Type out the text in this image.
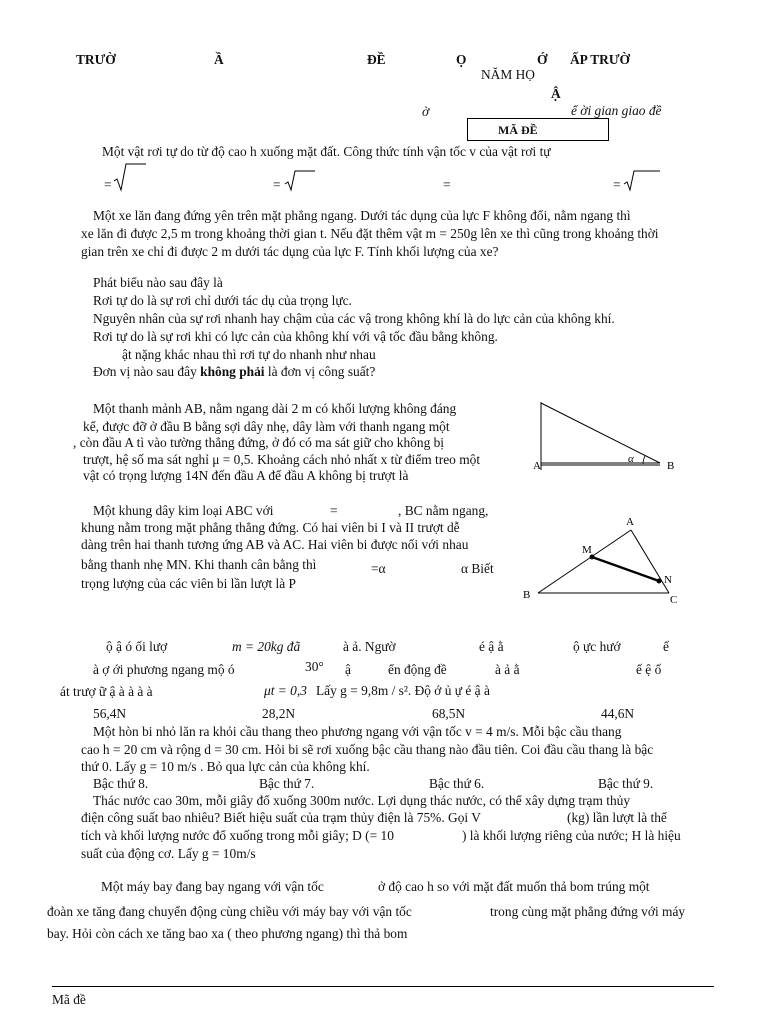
TRƯỜ	Ầ	ĐỀ	Ọ	Ớ ẤP TRƯỜ
NĂM HỌ
Ậ
ờ	ể ời gian giao đề
MÃ ĐỀ
Một vật rơi tự do từ độ cao h xuống mặt đất. Công thức tính vận tốc v của vật rơi tự
=	=	=	=
Một xe lăn đang đứng yên trên mặt phẳng ngang. Dưới tác dụng của lực F không đổi, nằm ngang thì
xe lăn đi được 2,5 m trong khoảng thời gian t. Nếu đặt thêm vật m = 250g lên xe thì cũng trong khoảng thời
gian trên xe chỉ đi được 2 m dưới tác dụng của lực F. Tính khối lượng của xe?
Phát biểu nào sau đây là
Rơi tự do là sự rơi chỉ dưới tác dụ của trọng lực.
Nguyên nhân của sự rơi nhanh hay chậm của các vậ trong không khí là do lực cản của không khí.
Rơi tự do là sự rơi khi có lực cản của không khí với vậ tốc đầu bằng không.
ật nặng khác nhau thì rơi tự do nhanh như nhau
Đơn vị nào sau đây không phải là đơn vị công suất?
Một thanh mảnh AB, nằm ngang dài 2 m có khối lượng không đáng
kể, được đỡ ở đầu B bằng sợi dây nhẹ, dây làm với thanh ngang một
, còn đầu A tì vào tường thẳng đứng, ở đó có ma sát giữ cho không bị
trượt, hệ số ma sát nghỉ μ = 0,5. Khoảng cách nhỏ nhất x từ điểm treo một
vật có trọng lượng 14N đến đầu A để đầu A không bị trượt là
A	B
α
Một khung dây kim loại ABC với	=	, BC nằm ngang,
khung nằm trong mặt phẳng thẳng đứng. Có hai viên bi I và II trượt dễ
dàng trên hai thanh tương ứng AB và AC. Hai viên bi được nối với nhau
bằng thanh nhẹ MN. Khi thanh cân bằng thì	=α	α Biết
trọng lượng của các viên bi lần lượt là P
A
B	C
M
N
ộ ậ ó ối lượ	m = 20kg đã	à ả. Ngườ	é ậ ằ	ộ ực hướ	ế
à ợ ới phương ngang mộ ó	30° ậ	ển động đề	à ả ằ	ế ệ ố
át trượ ữ ậ à à à à	μt = 0,3 Lấy g = 9,8m / s². Độ ớ ủ ự é ậ à
56,4N	28,2N	68,5N	44,6N
Một hòn bi nhỏ lăn ra khỏi cầu thang theo phương ngang với vận tốc v = 4 m/s. Mỗi bậc cầu thang
cao h = 20 cm và rộng d = 30 cm. Hỏi bi sẽ rơi xuống bậc cầu thang nào đầu tiên. Coi đầu cầu thang là bậc
thứ 0. Lấy g = 10 m/s . Bỏ qua lực cản của không khí.
Bậc thứ 8.	Bậc thứ 7.	Bậc thứ 6.	Bậc thứ 9.
Thác nước cao 30m, mỗi giây đổ xuống 300m nước. Lợi dụng thác nước, có thể xây dựng trạm thủy
điện công suất bao nhiêu? Biết hiệu suất của trạm thủy điện là 75%. Gọi V	(kg) lần lượt là thể
tích và khối lượng nước đổ xuống trong mỗi giây; D (= 10	) là khối lượng riêng của nước; H là hiệu
suất của động cơ. Lấy g = 10m/s
Một máy bay đang bay ngang với vận tốc	ở độ cao h so với mặt đất muốn thả bom trúng một
đoàn xe tăng đang chuyển động cùng chiều với máy bay với vận tốc	trong cùng mặt phẳng đứng với máy
bay. Hỏi còn cách xe tăng bao xa ( theo phương ngang) thì thả bom
Mã đề
